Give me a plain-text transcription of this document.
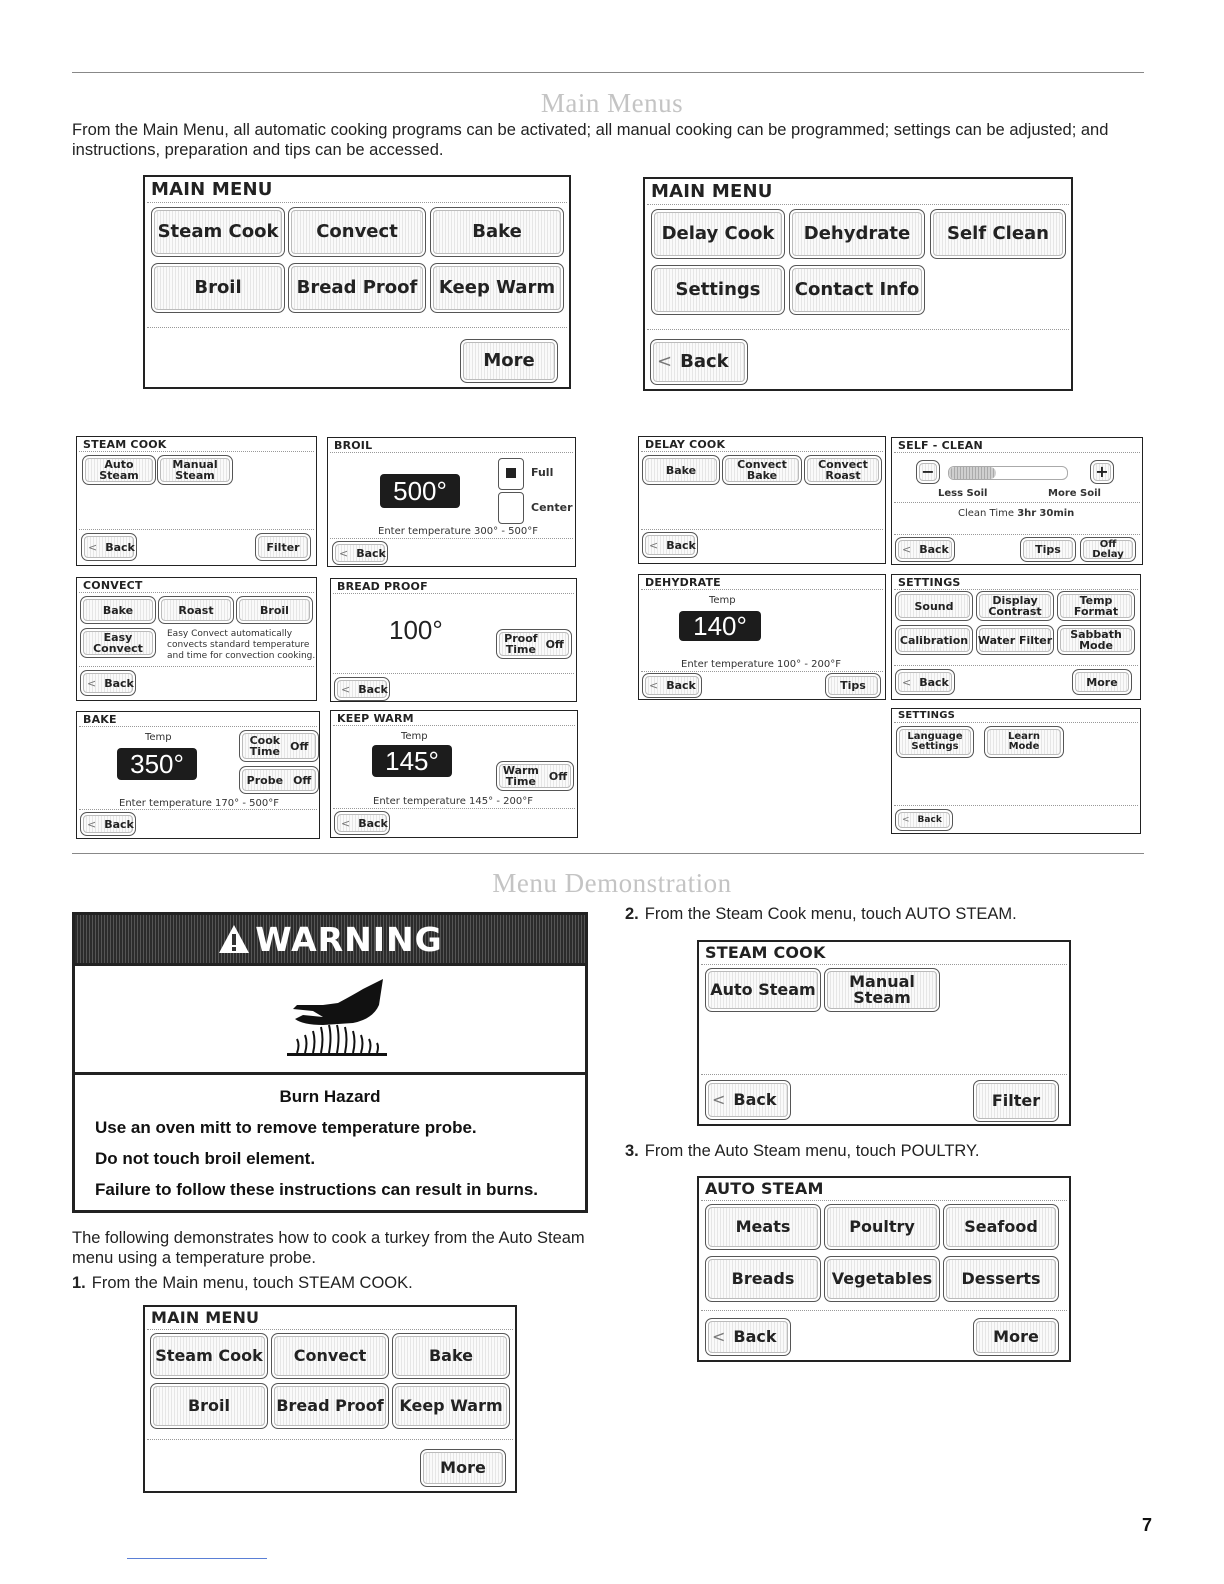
Main Menus
From the Main Menu, all automatic cooking programs can be activated; all manual cooking can be programmed; settings can be adjusted; and instructions, preparation and tips can be accessed.
MAIN MENU
Steam Cook	Convect	Bake
Broil	Bread Proof	Keep Warm
More
MAIN MENU
Delay Cook	Dehydrate	Self Clean
Settings	Contact Info
< Back
STEAM COOK
Auto Steam
Manual
Steam
< Back	Filter
BROIL
500°
Full
Center
Enter temperature 300° - 500°F
< Back
CONVECT
Bake	Roast	Broil
Easy
Convect
Easy Convect automatically
convects standard temperature
and time for convection cooking.
< Back
BREAD PROOF
100°	Proof
Time Off
< Back
BAKE
Temp
350°
Cook
Time Off
Probe Off
Enter temperature 170° - 500°F
< Back
KEEP WARM
Temp
145°	Warm
Time Off
Enter temperature 145° - 200°F
< Back
DELAY COOK
Bake	Convect
Bake
Convect
Roast
< Back
SELF - CLEAN
−	+
Less Soil	More Soil
Clean Time 3hr 30min
< Back	Tips	Off
Delay
DEHYDRATE
Temp
140°
Enter temperature 100° - 200°F
< Back	Tips
SETTINGS
Sound	Display
Contrast
Temp
Format
Calibration Water Filter Sabbath
Mode
< Back	More
SETTINGS
Language
Settings
Learn
Mode
< Back
Menu Demonstration
WARNING
Burn Hazard
Use an oven mitt to remove temperature probe.
Do not touch broil element.
Failure to follow these instructions can result in burns.
The following demonstrates how to cook a turkey from the Auto Steam menu using a temperature probe.
1. From the Main menu, touch STEAM COOK.
MAIN MENU
Steam Cook	Convect	Bake
Broil	Bread Proof Keep Warm
More
2. From the Steam Cook menu, touch AUTO STEAM.
STEAM COOK
Auto Steam	Manual
Steam
< Back	Filter
3. From the Auto Steam menu, touch POULTRY.
AUTO STEAM
Meats	Poultry	Seafood
Breads	Vegetables	Desserts
< Back	More
7
